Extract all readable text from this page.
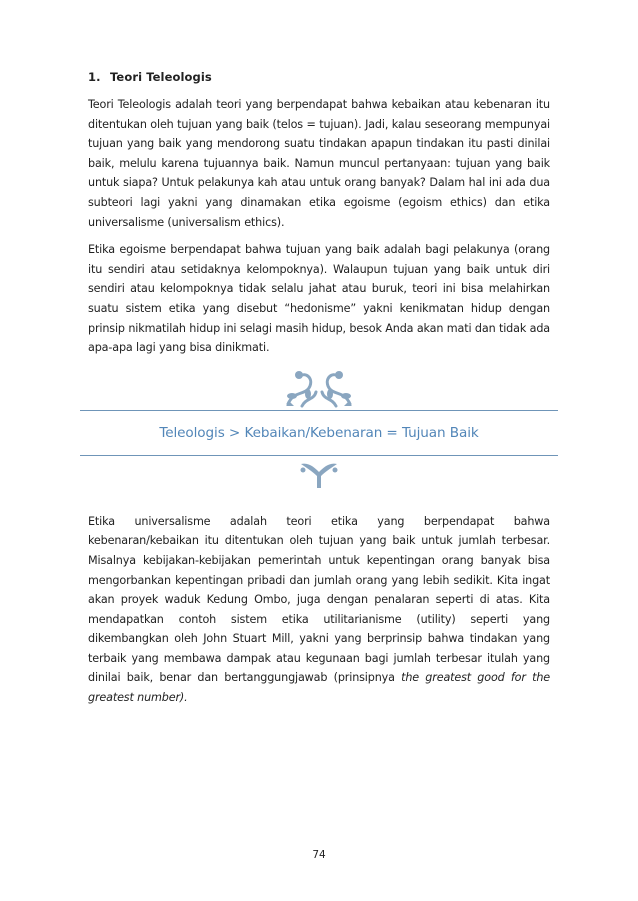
1. Teori Teleologis

Teori Teleologis adalah teori yang berpendapat bahwa kebaikan atau kebenaran itu ditentukan oleh tujuan yang baik (telos = tujuan). Jadi, kalau seseorang mempunyai tujuan yang baik yang mendorong suatu tindakan apapun tindakan itu pasti dinilai baik, melulu karena tujuannya baik. Namun muncul pertanyaan: tujuan yang baik untuk siapa? Untuk pelakunya kah atau untuk orang banyak? Dalam hal ini ada dua subteori lagi yakni yang dinamakan etika egoisme (egoism ethics) dan etika universalisme (universalism ethics).

Etika egoisme berpendapat bahwa tujuan yang baik adalah bagi pelakunya (orang itu sendiri atau setidaknya kelompoknya). Walaupun tujuan yang baik untuk diri sendiri atau kelompoknya tidak selalu jahat atau buruk, teori ini bisa melahirkan suatu sistem etika yang disebut “hedonisme” yakni kenikmatan hidup dengan prinsip nikmatilah hidup ini selagi masih hidup, besok Anda akan mati dan tidak ada apa-apa lagi yang bisa dinikmati.

Teleologis > Kebaikan/Kebenaran = Tujuan Baik

Etika universalisme adalah teori etika yang berpendapat bahwa kebenaran/kebaikan itu ditentukan oleh tujuan yang baik untuk jumlah terbesar. Misalnya kebijakan-kebijakan pemerintah untuk kepentingan orang banyak bisa mengorbankan kepentingan pribadi dan jumlah orang yang lebih sedikit. Kita ingat akan proyek waduk Kedung Ombo, juga dengan penalaran seperti di atas. Kita mendapatkan contoh sistem etika utilitarianisme (utility) seperti yang dikembangkan oleh John Stuart Mill, yakni yang berprinsip bahwa tindakan yang terbaik yang membawa dampak atau kegunaan bagi jumlah terbesar itulah yang dinilai baik, benar dan bertanggungjawab (prinsipnya the greatest good for the greatest number).

74
